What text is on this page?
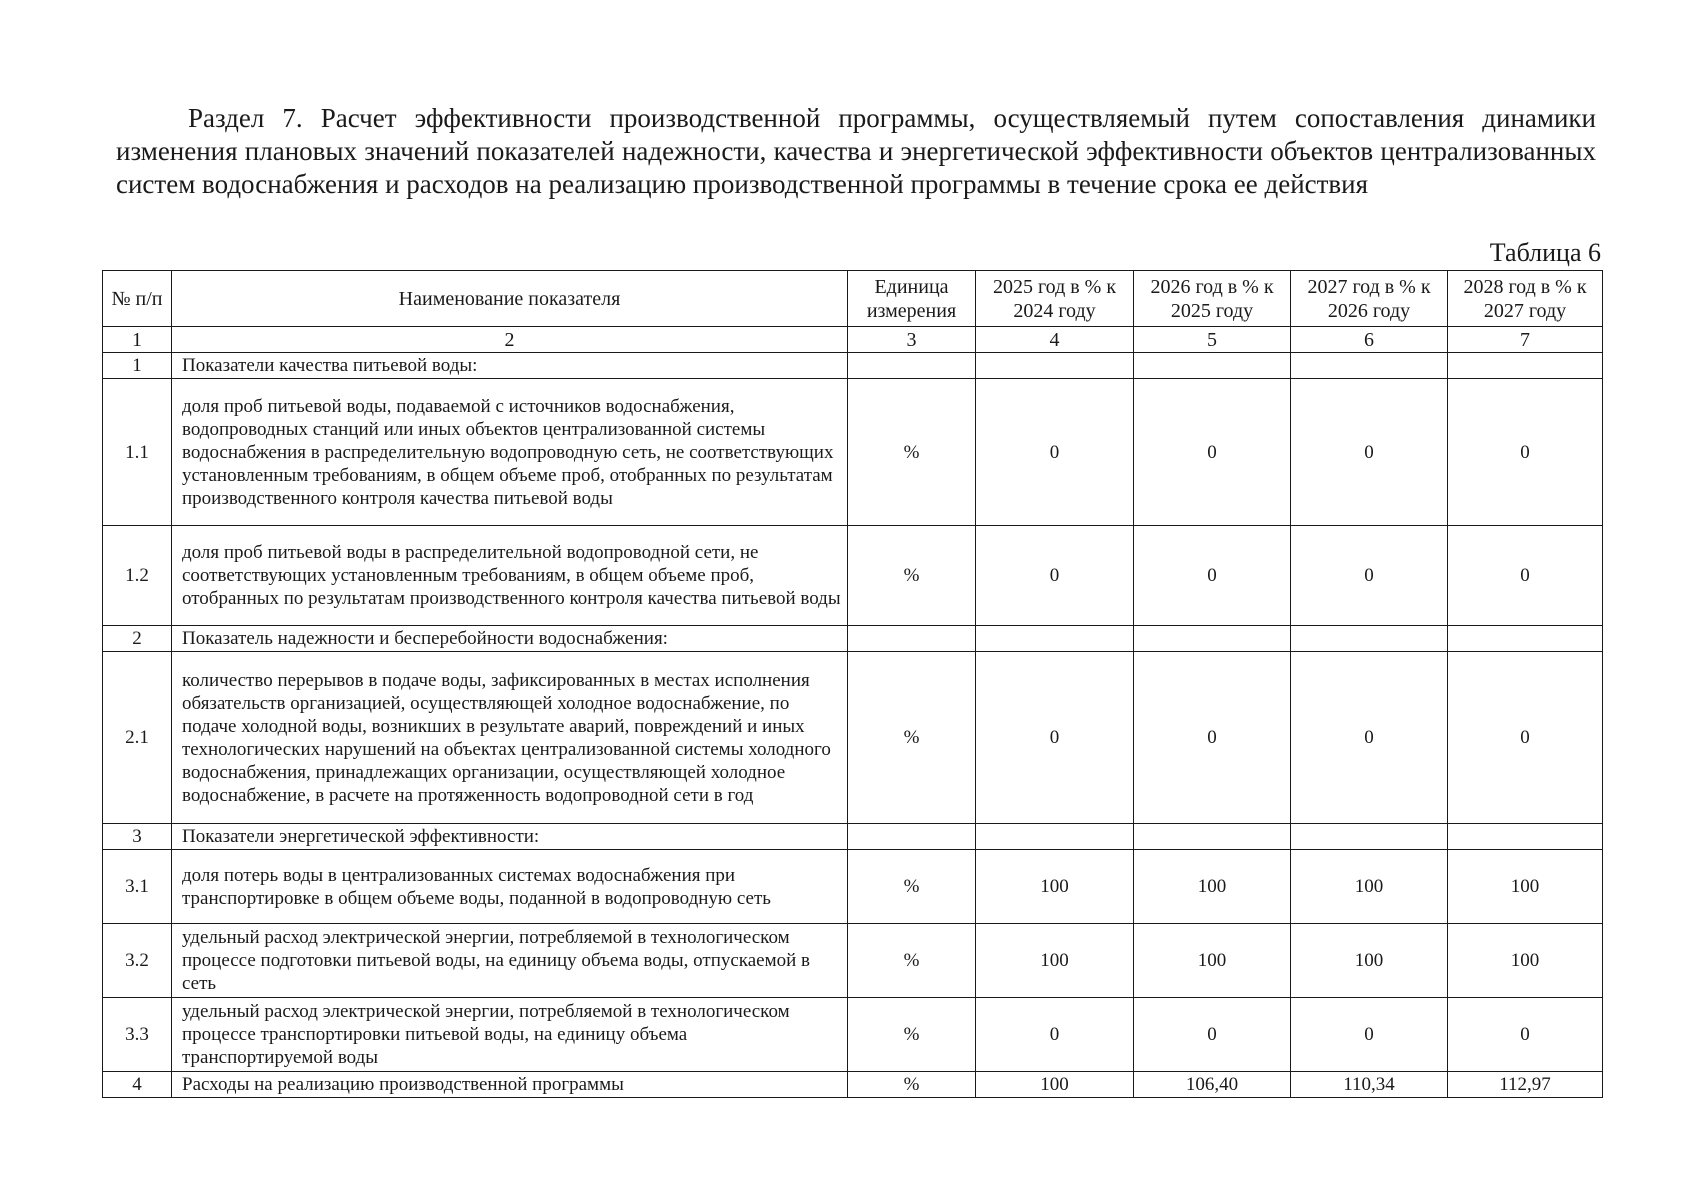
Раздел 7. Расчет эффективности производственной программы, осуществляемый путем сопоставления динамики изменения плановых значений показателей надежности, качества и энергетической эффективности объектов централизованных систем водоснабжения и расходов на реализацию производственной программы в течение срока ее действия

Таблица 6

№ п/п	Наименование показателя	Единица измерения	2025 год в % к 2024 году	2026 год в % к 2025 году	2027 год в % к 2026 году	2028 год в % к 2027 году
1	2	3	4	5	6	7
1	Показатели качества питьевой воды:					
1.1	доля проб питьевой воды, подаваемой с источников водоснабжения, водопроводных станций или иных объектов централизованной системы водоснабжения в распределительную водопроводную сеть, не соответствующих установленным требованиям, в общем объеме проб, отобранных по результатам производственного контроля качества питьевой воды	%	0	0	0	0
1.2	доля проб питьевой воды в распределительной водопроводной сети, не соответствующих установленным требованиям, в общем объеме проб, отобранных по результатам производственного контроля качества питьевой воды	%	0	0	0	0
2	Показатель надежности и бесперебойности водоснабжения:					
2.1	количество перерывов в подаче воды, зафиксированных в местах исполнения обязательств организацией, осуществляющей холодное водоснабжение, по подаче холодной воды, возникших в результате аварий, повреждений и иных технологических нарушений на объектах централизованной системы холодного водоснабжения, принадлежащих организации, осуществляющей холодное водоснабжение, в расчете на протяженность водопроводной сети в год	%	0	0	0	0
3	Показатели энергетической эффективности:					
3.1	доля потерь воды в централизованных системах водоснабжения при транспортировке в общем объеме воды, поданной в водопроводную сеть	%	100	100	100	100
3.2	удельный расход электрической энергии, потребляемой в технологическом процессе подготовки питьевой воды, на единицу объема воды, отпускаемой в сеть	%	100	100	100	100
3.3	удельный расход электрической энергии, потребляемой в технологическом процессе транспортировки питьевой воды, на единицу объема транспортируемой воды	%	0	0	0	0
4	Расходы на реализацию производственной программы	%	100	106,40	110,34	112,97
